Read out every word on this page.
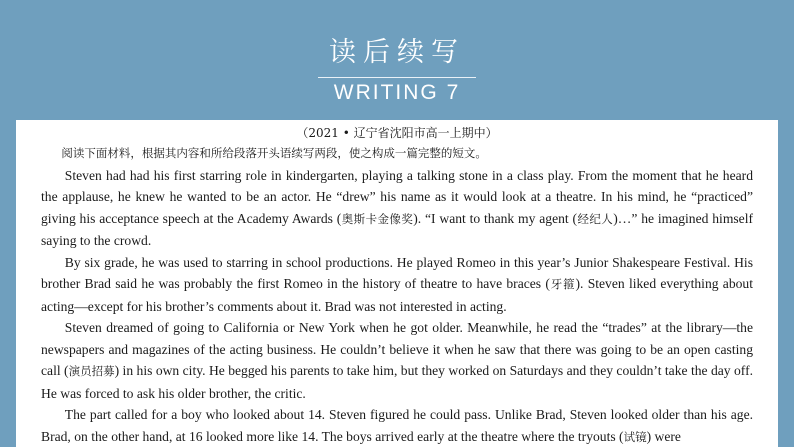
读后续写
WRITING 7
（2021 • 辽宁省沈阳市高一上期中）

  阅读下面材料，根据其内容和所给段落开头语续写两段，使之构成一篇完整的短文。

Steven had had his first starring role in kindergarten, playing a talking stone in a class play. From the moment that he heard the applause, he knew he wanted to be an actor. He “drew” his name as it would look at a theatre. In his mind, he “practiced” giving his acceptance speech at the Academy Awards (奥斯卡金像奖). “I want to thank my agent (经纪人)…” he imagined himself saying to the crowd.

By six grade, he was used to starring in school productions. He played Romeo in this year’s Junior Shakespeare Festival. His brother Brad said he was probably the first Romeo in the history of theatre to have braces (牙箍). Steven liked everything about acting—except for his brother’s comments about it. Brad was not interested in acting.

Steven dreamed of going to California or New York when he got older. Meanwhile, he read the “trades” at the library—the newspapers and magazines of the acting business. He couldn’t believe it when he saw that there was going to be an open casting call (演员招募) in his own city. He begged his parents to take him, but they worked on Saturdays and they couldn’t take the day off. He was forced to ask his older brother, the critic.

The part called for a boy who looked about 14. Steven figured he could pass. Unlike Brad, Steven looked older than his age. Brad, on the other hand, at 16 looked more like 14. The boys arrived early at the theatre where the tryouts (试镜) were
